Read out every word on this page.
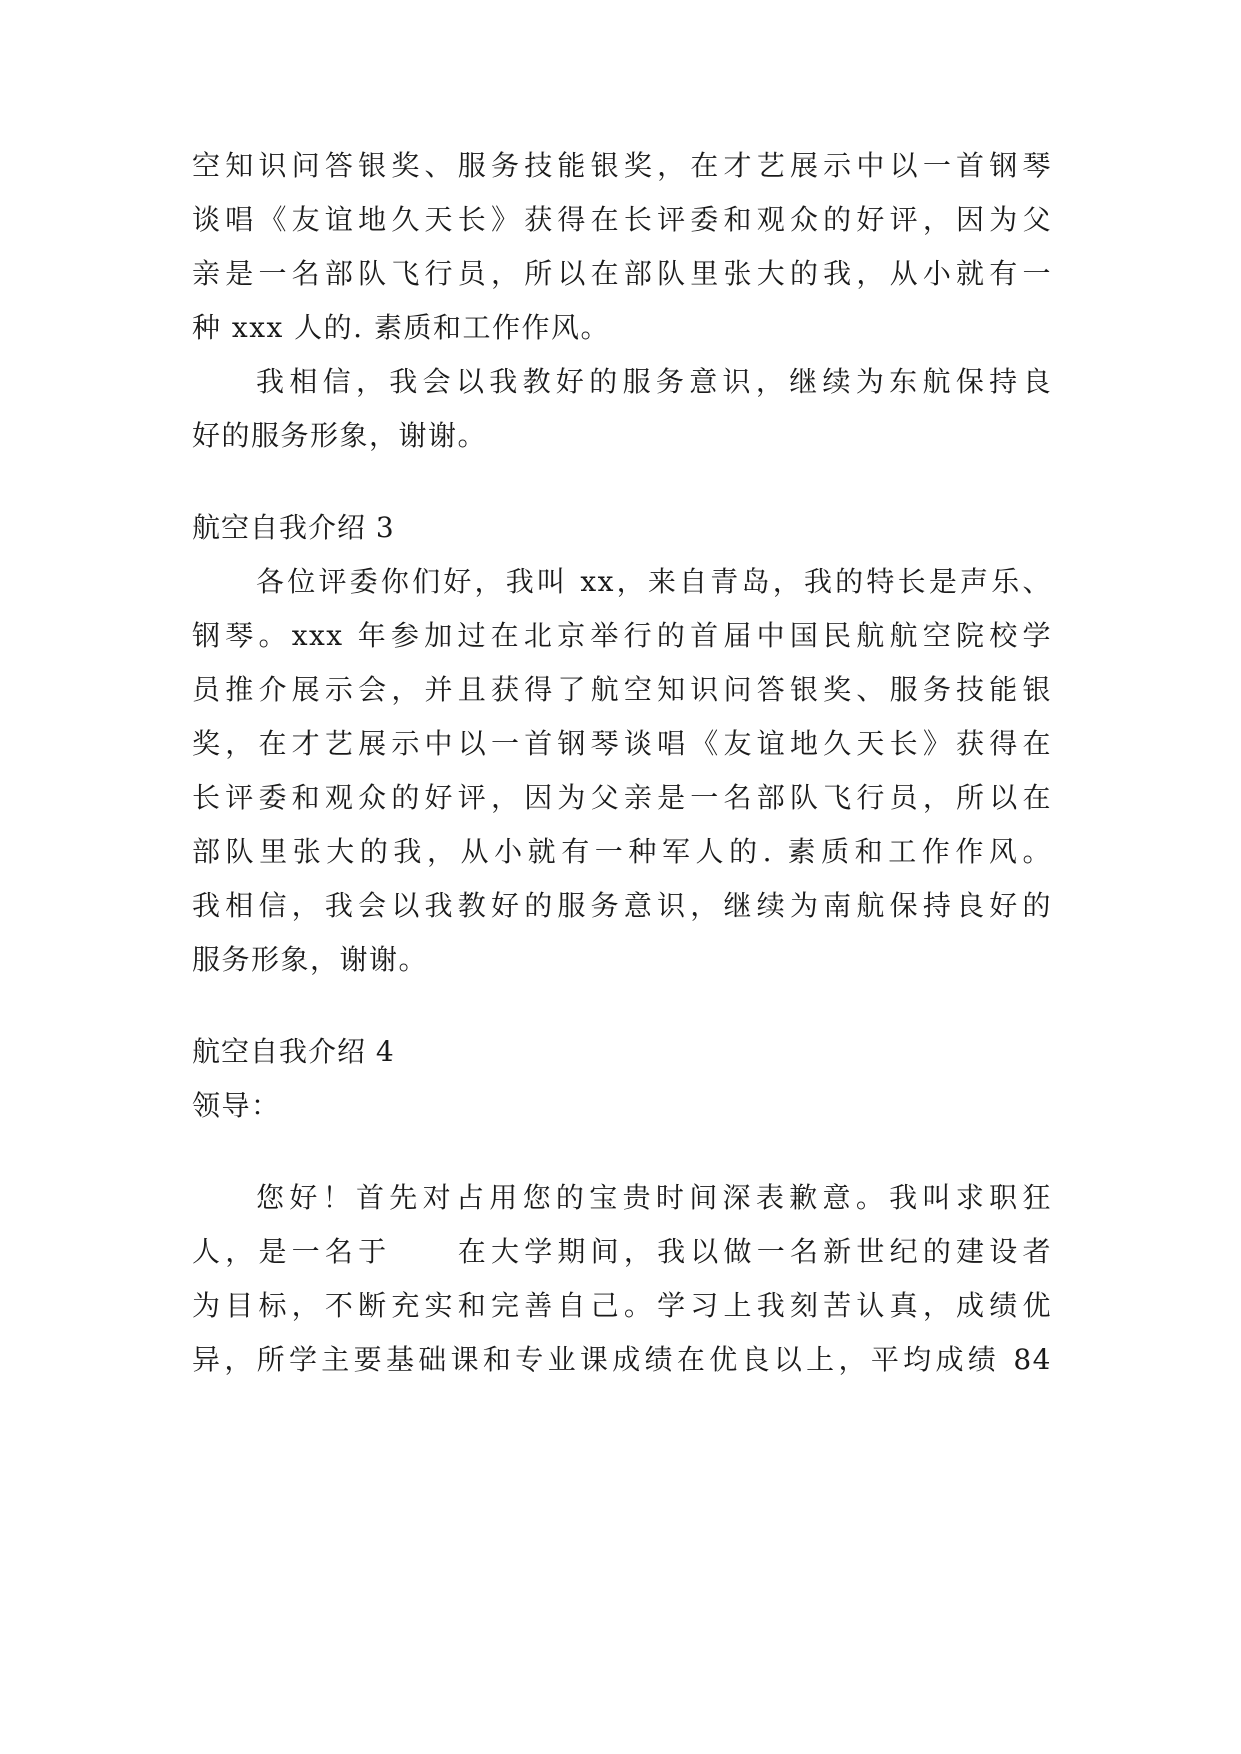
空知识问答银奖、服务技能银奖，在才艺展示中以一首钢琴
谈唱《友谊地久天长》获得在长评委和观众的好评，因为父
亲是一名部队飞行员，所以在部队里张大的我，从小就有一
种 xxx 人的. 素质和工作作风。
我相信，我会以我教好的服务意识，继续为东航保持良
好的服务形象，谢谢。
航空自我介绍 3
各位评委你们好，我叫 xx，来自青岛，我的特长是声乐、
钢琴。xxx 年参加过在北京举行的首届中国民航航空院校学
员推介展示会，并且获得了航空知识问答银奖、服务技能银
奖，在才艺展示中以一首钢琴谈唱《友谊地久天长》获得在
长评委和观众的好评，因为父亲是一名部队飞行员，所以在
部队里张大的我，从小就有一种军人的. 素质和工作作风。
我相信，我会以我教好的服务意识，继续为南航保持良好的
服务形象，谢谢。
航空自我介绍 4
领导：
您好！首先对占用您的宝贵时间深表歉意。我叫求职狂
人，是一名于　　在大学期间，我以做一名新世纪的建设者
为目标，不断充实和完善自己。学习上我刻苦认真，成绩优
异，所学主要基础课和专业课成绩在优良以上，平均成绩 84
